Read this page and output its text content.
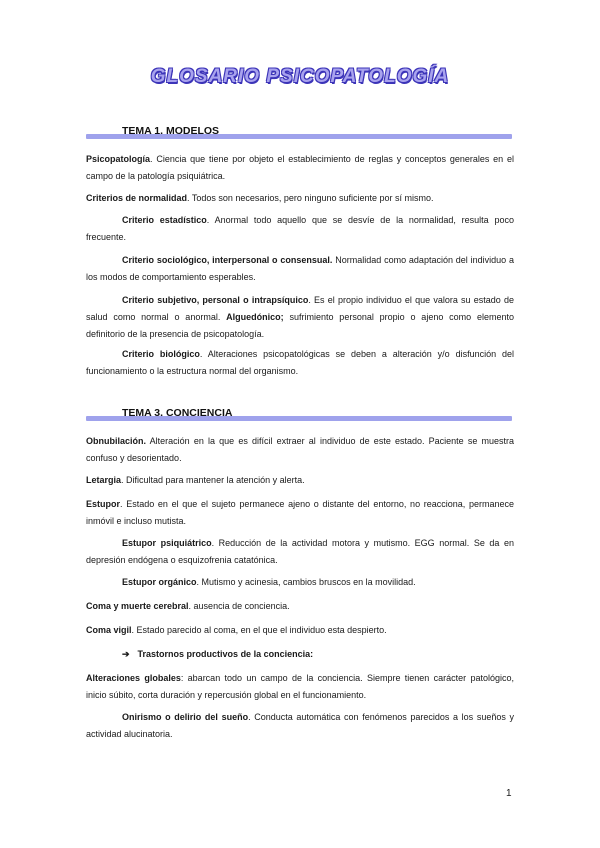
GLOSARIO PSICOPATOLOGÍA
TEMA 1. MODELOS

Psicopatología. Ciencia que tiene por objeto el establecimiento de reglas y conceptos generales en el campo de la patología psiquiátrica.

Criterios de normalidad. Todos son necesarios, pero ninguno suficiente por sí mismo.

Criterio estadístico. Anormal todo aquello que se desvíe de la normalidad, resulta poco frecuente.

Criterio sociológico, interpersonal o consensual. Normalidad como adaptación del individuo a los modos de comportamiento esperables.

Criterio subjetivo, personal o intrapsíquico. Es el propio individuo el que valora su estado de salud como normal o anormal. Alguedónico; sufrimiento personal propio o ajeno como elemento definitorio de la presencia de psicopatología.

Criterio biológico. Alteraciones psicopatológicas se deben a alteración y/o disfunción del funcionamiento o la estructura normal del organismo.

TEMA 3. CONCIENCIA

Obnubilación. Alteración en la que es difícil extraer al individuo de este estado. Paciente se muestra confuso y desorientado.

Letargia. Dificultad para mantener la atención y alerta.

Estupor. Estado en el que el sujeto permanece ajeno o distante del entorno, no reacciona, permanece inmóvil e incluso mutista.

Estupor psiquiátrico. Reducción de la actividad motora y mutismo. EGG normal. Se da en depresión endógena o esquizofrenia catatónica.

Estupor orgánico. Mutismo y acinesia, cambios bruscos en la movilidad.

Coma y muerte cerebral. ausencia de conciencia.

Coma vigil. Estado parecido al coma, en el que el individuo esta despierto.

➔ Trastornos productivos de la conciencia:

Alteraciones globales: abarcan todo un campo de la conciencia. Siempre tienen carácter patológico, inicio súbito, corta duración y repercusión global en el funcionamiento.

Onirismo o delirio del sueño. Conducta automática con fenómenos parecidos a los sueños y actividad alucinatoria.

1
